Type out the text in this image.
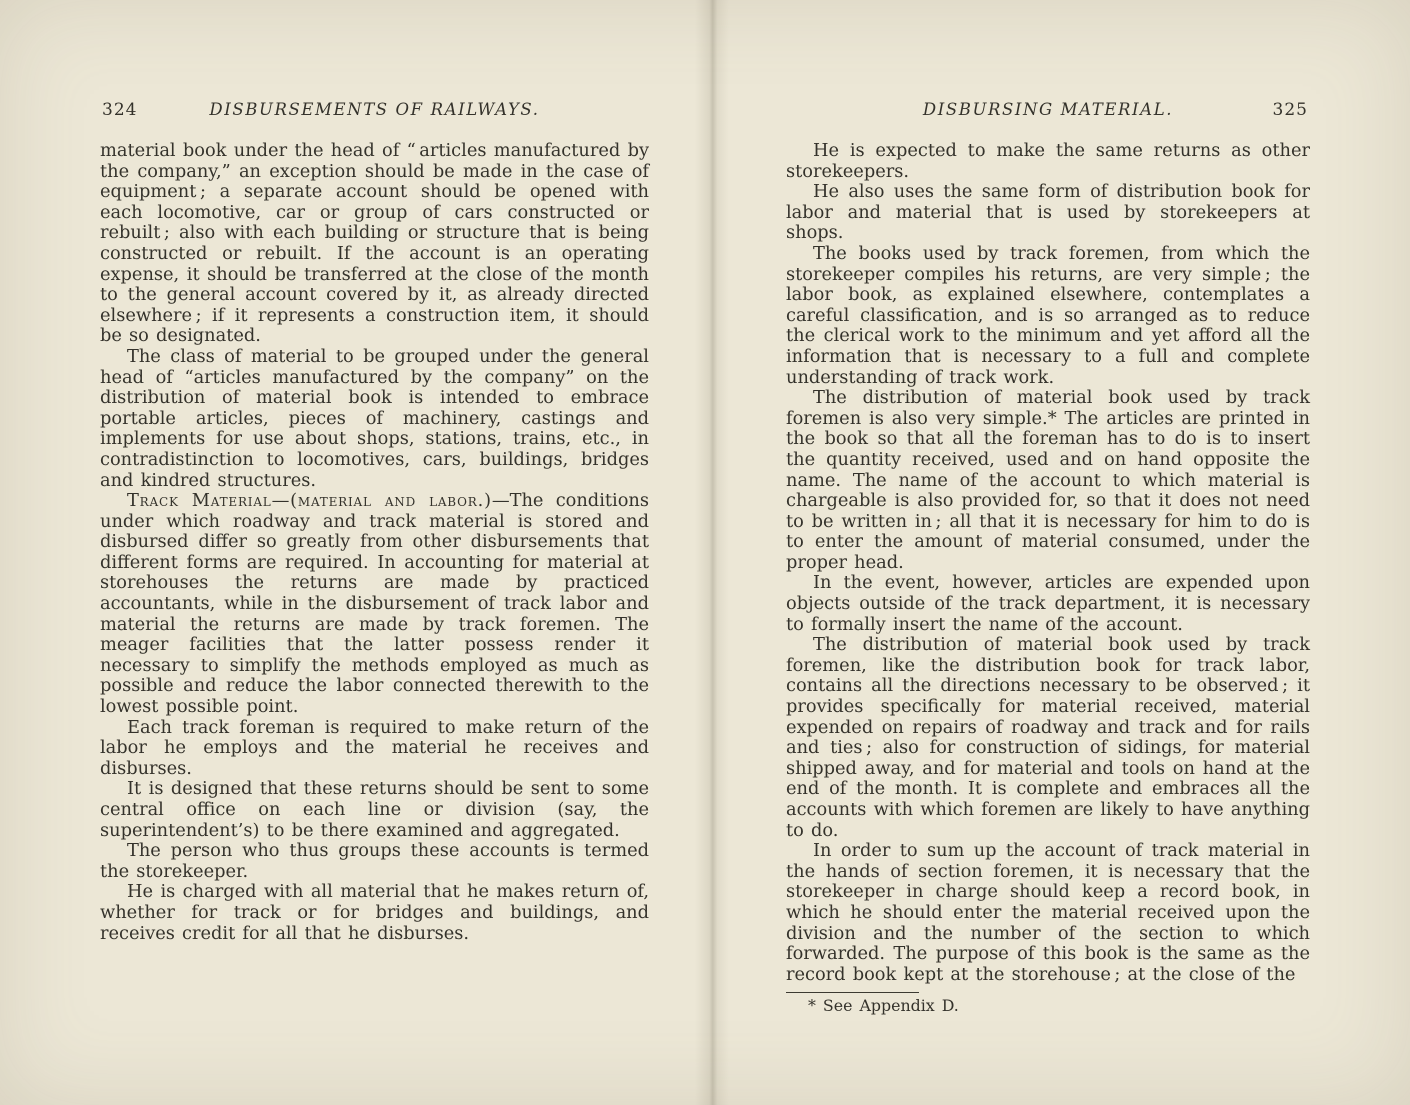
324	DISBURSEMENTS OF RAILWAYS.

material book under the head of “ articles manufactured by the company,” an exception should be made in the case of equipment ; a separate account should be opened with each locomotive, car or group of cars constructed or rebuilt ; also with each building or structure that is being constructed or rebuilt. If the account is an operating expense, it should be transferred at the close of the month to the general account covered by it, as already directed elsewhere ; if it represents a construction item, it should be so designated.

The class of material to be grouped under the general head of “articles manufactured by the company” on the distribution of material book is intended to embrace portable articles, pieces of machinery, castings and implements for use about shops, stations, trains, etc., in contradistinction to locomotives, cars, buildings, bridges and kindred structures.

Track Material—(material and labor.)—The conditions under which roadway and track material is stored and disbursed differ so greatly from other disbursements that different forms are required. In accounting for material at storehouses the returns are made by practiced accountants, while in the disbursement of track labor and material the returns are made by track foremen. The meager facilities that the latter possess render it necessary to simplify the methods employed as much as possible and reduce the labor connected therewith to the lowest possible point.

Each track foreman is required to make return of the labor he employs and the material he receives and disburses.

It is designed that these returns should be sent to some central office on each line or division (say, the superintendent’s) to be there examined and aggregated.

The person who thus groups these accounts is termed the storekeeper.

He is charged with all material that he makes return of, whether for track or for bridges and buildings, and receives credit for all that he disburses.

DISBURSING MATERIAL.	325

He is expected to make the same returns as other storekeepers.

He also uses the same form of distribution book for labor and material that is used by storekeepers at shops.

The books used by track foremen, from which the storekeeper compiles his returns, are very simple ; the labor book, as explained elsewhere, contemplates a careful classification, and is so arranged as to reduce the clerical work to the minimum and yet afford all the information that is necessary to a full and complete understanding of track work.

The distribution of material book used by track foremen is also very simple.* The articles are printed in the book so that all the foreman has to do is to insert the quantity received, used and on hand opposite the name. The name of the account to which material is chargeable is also provided for, so that it does not need to be written in ; all that it is necessary for him to do is to enter the amount of material consumed, under the proper head.

In the event, however, articles are expended upon objects outside of the track department, it is necessary to formally insert the name of the account.

The distribution of material book used by track foremen, like the distribution book for track labor, contains all the directions necessary to be observed ; it provides specifically for material received, material expended on repairs of roadway and track and for rails and ties ; also for construction of sidings, for material shipped away, and for material and tools on hand at the end of the month. It is complete and embraces all the accounts with which foremen are likely to have anything to do.

In order to sum up the account of track material in the hands of section foremen, it is necessary that the storekeeper in charge should keep a record book, in which he should enter the material received upon the division and the number of the section to which forwarded. The purpose of this book is the same as the record book kept at the storehouse ; at the close of the

* See Appendix D.
